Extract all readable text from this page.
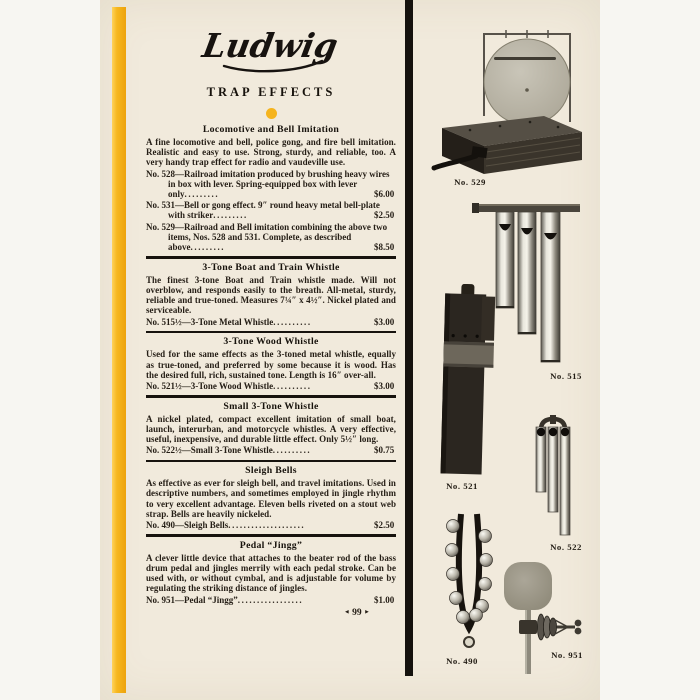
Ludwig
TRAP EFFECTS
Locomotive and Bell Imitation

A fine locomotive and bell, police gong, and fire bell imitation. Realistic and easy to use. Strong, sturdy, and reliable, too. A very handy trap effect for radio and vaudeville use.

No. 528—Railroad imitation produced by brushing heavy wires in box with lever. Spring-equipped box with lever only.........	$6.00

No. 531—Bell or gong effect. 9″ round heavy metal bell-plate with striker.........	$2.50

No. 529—Railroad and Bell imitation combining the above two items, Nos. 528 and 531. Complete, as described above.........	$8.50

3-Tone Boat and Train Whistle

The finest 3-tone Boat and Train whistle made. Will not overblow, and responds easily to the breath. All-metal, sturdy, reliable and true-toned. Measures 7¼″ x 4½″. Nickel plated and serviceable.

No. 515½—3-Tone Metal Whistle..........	$3.00

3-Tone Wood Whistle

Used for the same effects as the 3-toned metal whistle, equally as true-toned, and preferred by some because it is wood. Has the desired full, rich, sustained tone. Length is 16″ over-all.

No. 521½—3-Tone Wood Whistle..........	$3.00

Small 3-Tone Whistle

A nickel plated, compact excellent imitation of small boat, launch, interurban, and motorcycle whistles. A very effective, useful, inexpensive, and durable little effect. Only 5½″ long.

No. 522½—Small 3-Tone Whistle..........	$0.75

Sleigh Bells

As effective as ever for sleigh bell, and travel imitations. Used in descriptive numbers, and sometimes employed in jingle rhythm to very excellent advantage. Eleven bells riveted on a stout web strap. Bells are heavily nickeled.

No. 490—Sleigh Bells....................	$2.50

Pedal “Jingg”

A clever little device that attaches to the beater rod of the bass drum pedal and jingles merrily with each pedal stroke. Can be used with, or without cymbal, and is adjustable for volume by regulating the striking distance of jingles.

No. 951—Pedal “Jingg”.................	$1.00

◄ 99 ►
No. 529
No. 515
No. 521
No. 522
No. 490
No. 951
